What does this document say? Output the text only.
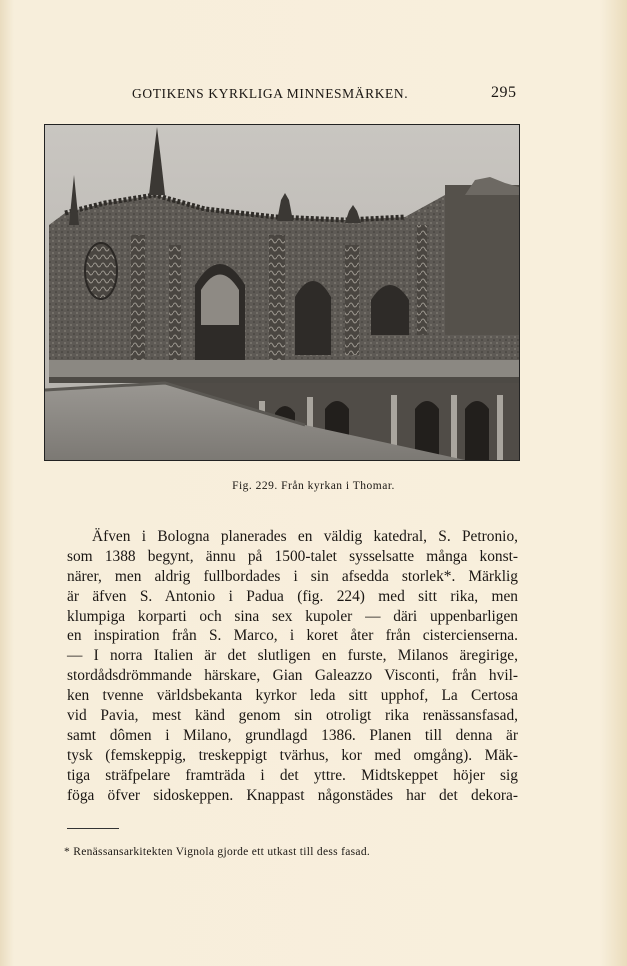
GOTIKENS KYRKLIGA MINNESMÄRKEN.	295
Fig. 229. Från kyrkan i Thomar.
Äfven i Bologna planerades en väldig katedral, S. Petronio,
som 1388 begynt, ännu på 1500-talet sysselsatte många konst-
närer, men aldrig fullbordades i sin afsedda storlek*. Märklig
är äfven S. Antonio i Padua (fig. 224) med sitt rika, men
klumpiga korparti och sina sex kupoler — däri uppenbarligen
en inspiration från S. Marco, i koret åter från cistercienserna.
— I norra Italien är det slutligen en furste, Milanos äregirige,
stordådsdrömmande härskare, Gian Galeazzo Visconti, från hvil-
ken tvenne världsbekanta kyrkor leda sitt upphof, La Certosa
vid Pavia, mest känd genom sin otroligt rika renässansfasad,
samt dômen i Milano, grundlagd 1386. Planen till denna är
tysk (femskeppig, treskeppigt tvärhus, kor med omgång). Mäk-
tiga sträfpelare framträda i det yttre. Midtskeppet höjer sig
föga öfver sidoskeppen. Knappast någonstädes har det dekora-
* Renässansarkitekten Vignola gjorde ett utkast till dess fasad.
